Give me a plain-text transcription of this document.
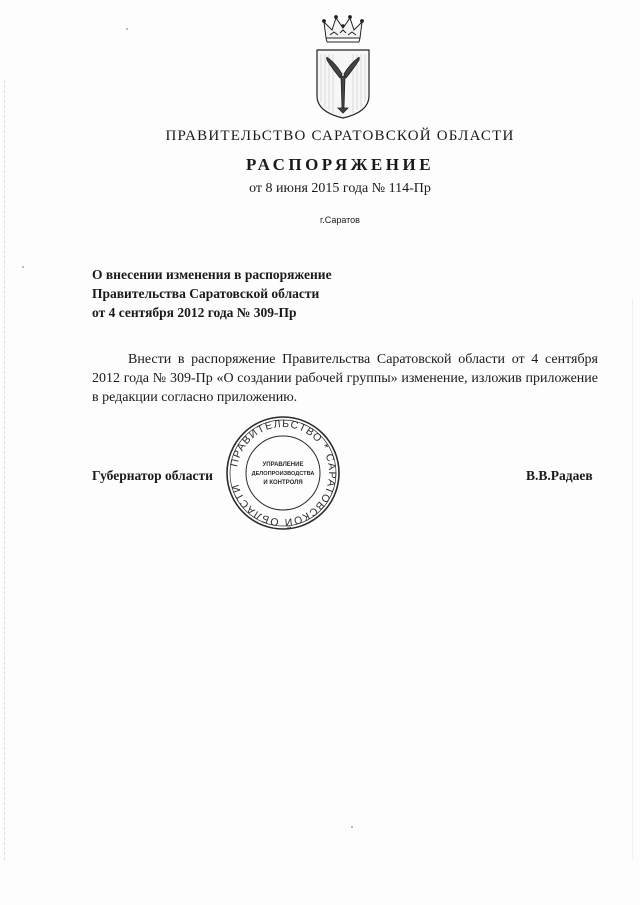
ПРАВИТЕЛЬСТВО САРАТОВСКОЙ ОБЛАСТИ
РАСПОРЯЖЕНИЕ
от 8 июня 2015 года № 114-Пр
г.Саратов
О внесении изменения в распоряжение
Правительства Саратовской области
от 4 сентября 2012 года № 309-Пр
Внести в распоряжение Правительства Саратовской области от 4 сентября 2012 года № 309-Пр «О создании рабочей группы» изменение, изложив приложение в редакции согласно приложению.
Губернатор области	В.В.Радаев
ПРАВИТЕЛЬСТВО * САРАТОВСКОЙ ОБЛАСТИ
УПРАВЛЕНИЕ
ДЕЛОПРОИЗВОДСТВА
И КОНТРОЛЯ
